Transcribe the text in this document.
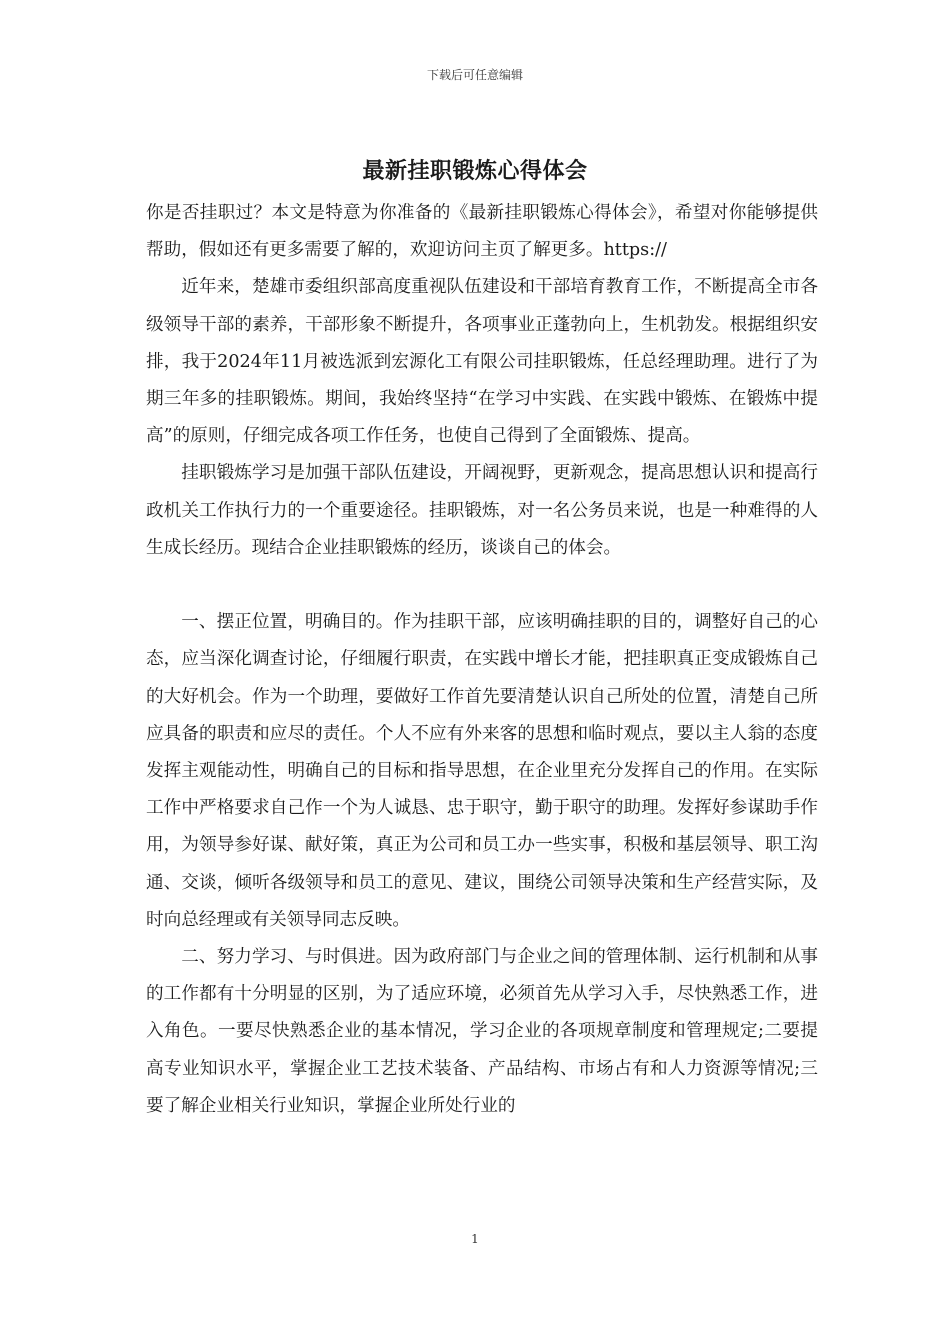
下载后可任意编辑
最新挂职锻炼心得体会

你是否挂职过？本文是特意为你准备的《最新挂职锻炼心得体会》，希望对你能够提供帮助，假如还有更多需要了解的，欢迎访问主页了解更多。https://

近年来，楚雄市委组织部高度重视队伍建设和干部培育教育工作，不断提高全市各级领导干部的素养，干部形象不断提升，各项事业正蓬勃向上，生机勃发。根据组织安排，我于2024年11月被选派到宏源化工有限公司挂职锻炼，任总经理助理。进行了为期三年多的挂职锻炼。期间，我始终坚持“在学习中实践、在实践中锻炼、在锻炼中提高”的原则，仔细完成各项工作任务，也使自己得到了全面锻炼、提高。

挂职锻炼学习是加强干部队伍建设，开阔视野，更新观念，提高思想认识和提高行政机关工作执行力的一个重要途径。挂职锻炼，对一名公务员来说，也是一种难得的人生成长经历。现结合企业挂职锻炼的经历，谈谈自己的体会。

一、摆正位置，明确目的。作为挂职干部，应该明确挂职的目的，调整好自己的心态，应当深化调查讨论，仔细履行职责，在实践中增长才能，把挂职真正变成锻炼自己的大好机会。作为一个助理，要做好工作首先要清楚认识自己所处的位置，清楚自己所应具备的职责和应尽的责任。个人不应有外来客的思想和临时观点，要以主人翁的态度发挥主观能动性，明确自己的目标和指导思想，在企业里充分发挥自己的作用。在实际工作中严格要求自己作一个为人诚恳、忠于职守，勤于职守的助理。发挥好参谋助手作用，为领导参好谋、献好策，真正为公司和员工办一些实事，积极和基层领导、职工沟通、交谈，倾听各级领导和员工的意见、建议，围绕公司领导决策和生产经营实际，及时向总经理或有关领导同志反映。

二、努力学习、与时俱进。因为政府部门与企业之间的管理体制、运行机制和从事的工作都有十分明显的区别，为了适应环境，必须首先从学习入手，尽快熟悉工作，进入角色。一要尽快熟悉企业的基本情况，学习企业的各项规章制度和管理规定;二要提高专业知识水平，掌握企业工艺技术装备、产品结构、市场占有和人力资源等情况;三要了解企业相关行业知识，掌握企业所处行业的

1
